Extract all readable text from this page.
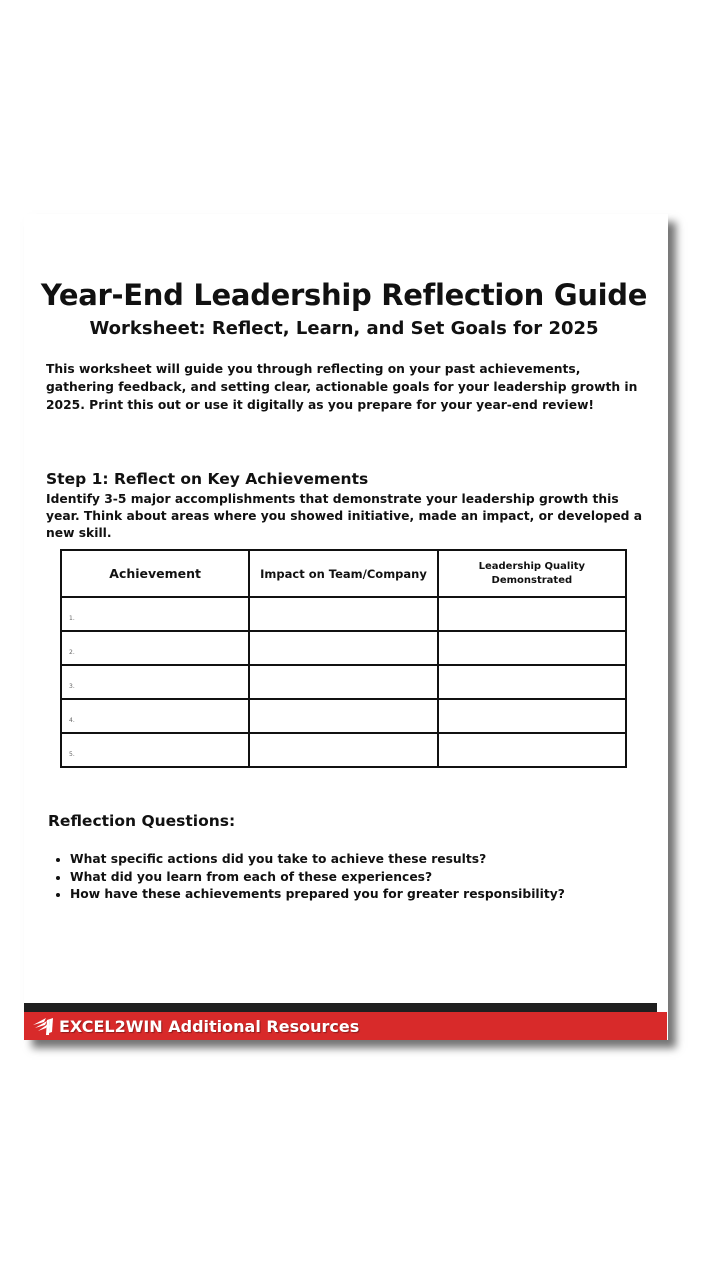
Year-End Leadership Reflection Guide
Worksheet: Reflect, Learn, and Set Goals for 2025
This worksheet will guide you through reflecting on your past achievements, gathering feedback, and setting clear, actionable goals for your leadership growth in 2025. Print this out or use it digitally as you prepare for your year-end review!
Step 1: Reflect on Key Achievements
Identify 3-5 major accomplishments that demonstrate your leadership growth this year. Think about areas where you showed initiative, made an impact, or developed a new skill.
Achievement	Impact on Team/Company	Leadership Quality Demonstrated

1.		
2.		
3.		
4.		
5.		
Reflection Questions:
• What specific actions did you take to achieve these results?
• What did you learn from each of these experiences?
• How have these achievements prepared you for greater responsibility?
EXCEL2WIN Additional Resources
